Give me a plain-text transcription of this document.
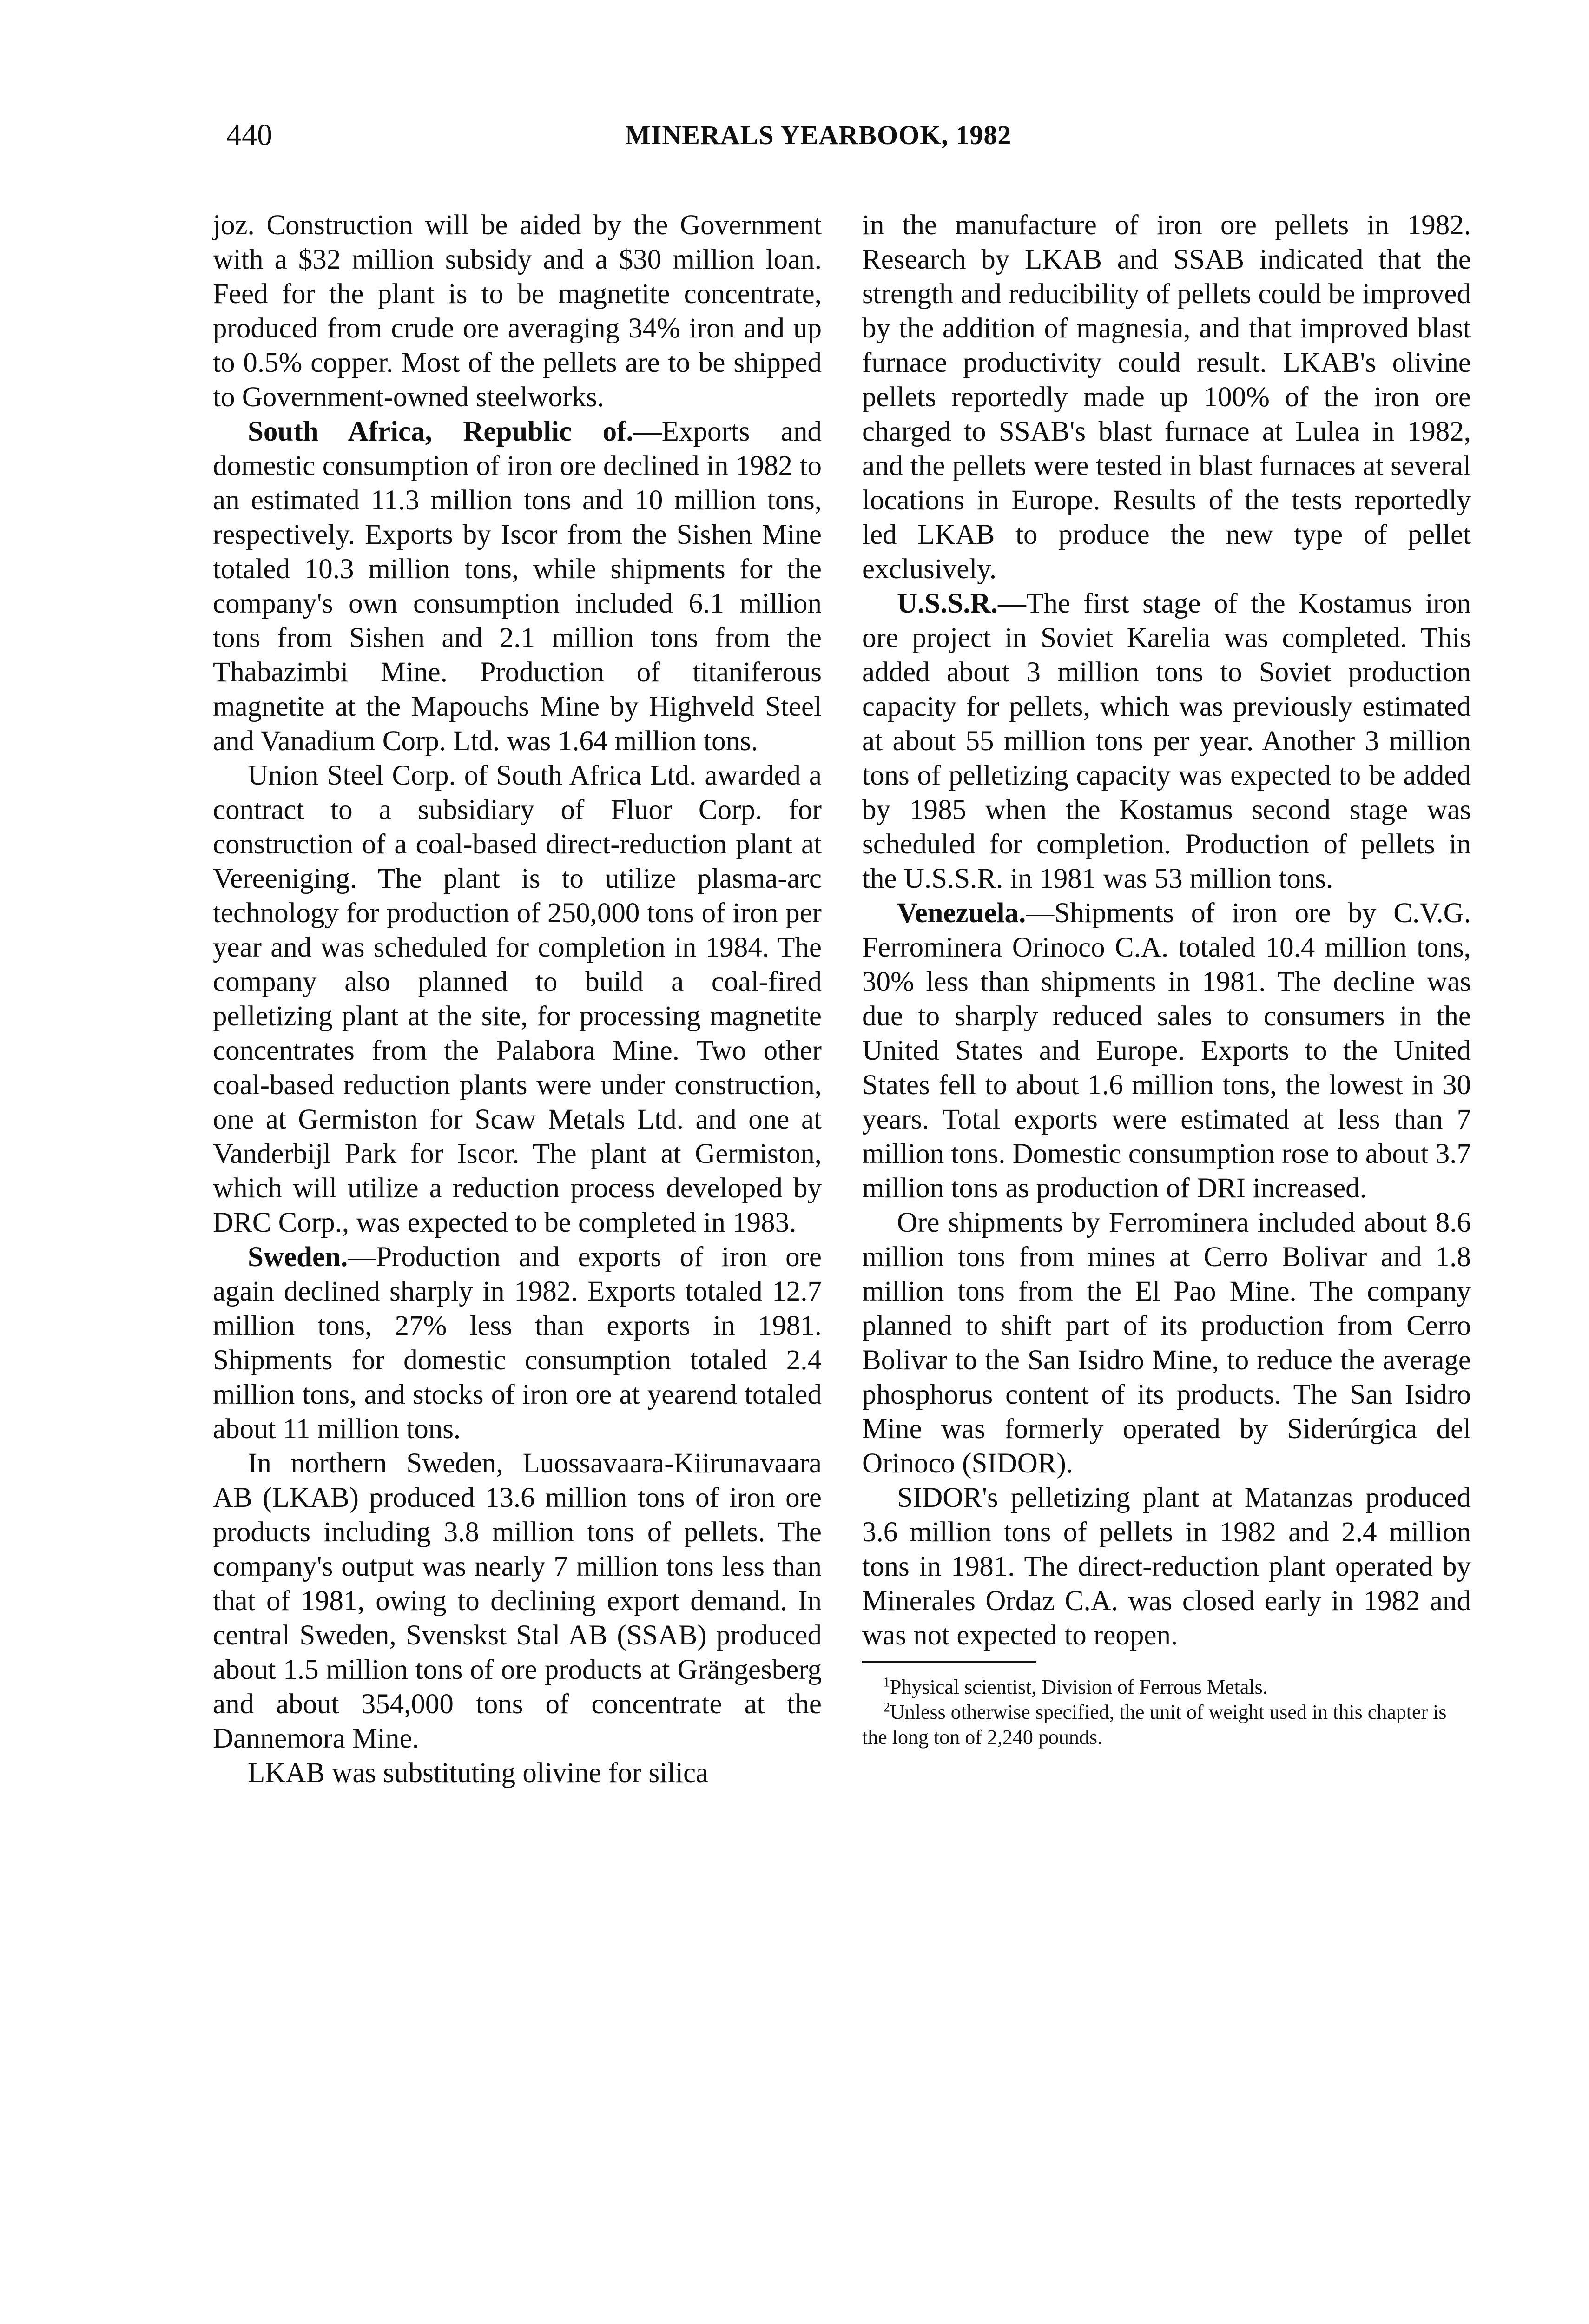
440	MINERALS YEARBOOK, 1982

joz. Construction will be aided by the Government with a $32 million subsidy and a $30 million loan. Feed for the plant is to be magnetite concentrate, produced from crude ore averaging 34% iron and up to 0.5% copper. Most of the pellets are to be shipped to Government-owned steelworks.

South Africa, Republic of.—Exports and domestic consumption of iron ore declined in 1982 to an estimated 11.3 million tons and 10 million tons, respectively. Exports by Iscor from the Sishen Mine totaled 10.3 million tons, while shipments for the company's own consumption included 6.1 million tons from Sishen and 2.1 million tons from the Thabazimbi Mine. Production of titaniferous magnetite at the Mapouchs Mine by Highveld Steel and Vanadium Corp. Ltd. was 1.64 million tons.

Union Steel Corp. of South Africa Ltd. awarded a contract to a subsidiary of Fluor Corp. for construction of a coal-based direct-reduction plant at Vereeniging. The plant is to utilize plasma-arc technology for production of 250,000 tons of iron per year and was scheduled for completion in 1984. The company also planned to build a coal-fired pelletizing plant at the site, for processing magnetite concentrates from the Palabora Mine. Two other coal-based reduction plants were under construction, one at Germiston for Scaw Metals Ltd. and one at Vanderbijl Park for Iscor. The plant at Germiston, which will utilize a reduction process developed by DRC Corp., was expected to be completed in 1983.

Sweden.—Production and exports of iron ore again declined sharply in 1982. Exports totaled 12.7 million tons, 27% less than exports in 1981. Shipments for domestic consumption totaled 2.4 million tons, and stocks of iron ore at yearend totaled about 11 million tons.

In northern Sweden, Luossavaara-Kiirunavaara AB (LKAB) produced 13.6 million tons of iron ore products including 3.8 million tons of pellets. The company's output was nearly 7 million tons less than that of 1981, owing to declining export demand. In central Sweden, Svenskst Stal AB (SSAB) produced about 1.5 million tons of ore products at Grängesberg and about 354,000 tons of concentrate at the Dannemora Mine.

LKAB was substituting olivine for silica

in the manufacture of iron ore pellets in 1982. Research by LKAB and SSAB indicated that the strength and reducibility of pellets could be improved by the addition of magnesia, and that improved blast furnace productivity could result. LKAB's olivine pellets reportedly made up 100% of the iron ore charged to SSAB's blast furnace at Lulea in 1982, and the pellets were tested in blast furnaces at several locations in Europe. Results of the tests reportedly led LKAB to produce the new type of pellet exclusively.

U.S.S.R.—The first stage of the Kostamus iron ore project in Soviet Karelia was completed. This added about 3 million tons to Soviet production capacity for pellets, which was previously estimated at about 55 million tons per year. Another 3 million tons of pelletizing capacity was expected to be added by 1985 when the Kostamus second stage was scheduled for completion. Production of pellets in the U.S.S.R. in 1981 was 53 million tons.

Venezuela.—Shipments of iron ore by C.V.G. Ferrominera Orinoco C.A. totaled 10.4 million tons, 30% less than shipments in 1981. The decline was due to sharply reduced sales to consumers in the United States and Europe. Exports to the United States fell to about 1.6 million tons, the lowest in 30 years. Total exports were estimated at less than 7 million tons. Domestic consumption rose to about 3.7 million tons as production of DRI increased.

Ore shipments by Ferrominera included about 8.6 million tons from mines at Cerro Bolivar and 1.8 million tons from the El Pao Mine. The company planned to shift part of its production from Cerro Bolivar to the San Isidro Mine, to reduce the average phosphorus content of its products. The San Isidro Mine was formerly operated by Siderúrgica del Orinoco (SIDOR).

SIDOR's pelletizing plant at Matanzas produced 3.6 million tons of pellets in 1982 and 2.4 million tons in 1981. The direct-reduction plant operated by Minerales Ordaz C.A. was closed early in 1982 and was not expected to reopen.

$^1$Physical scientist, Division of Ferrous Metals.

$^2$Unless otherwise specified, the unit of weight used in this chapter is the long ton of 2,240 pounds.
